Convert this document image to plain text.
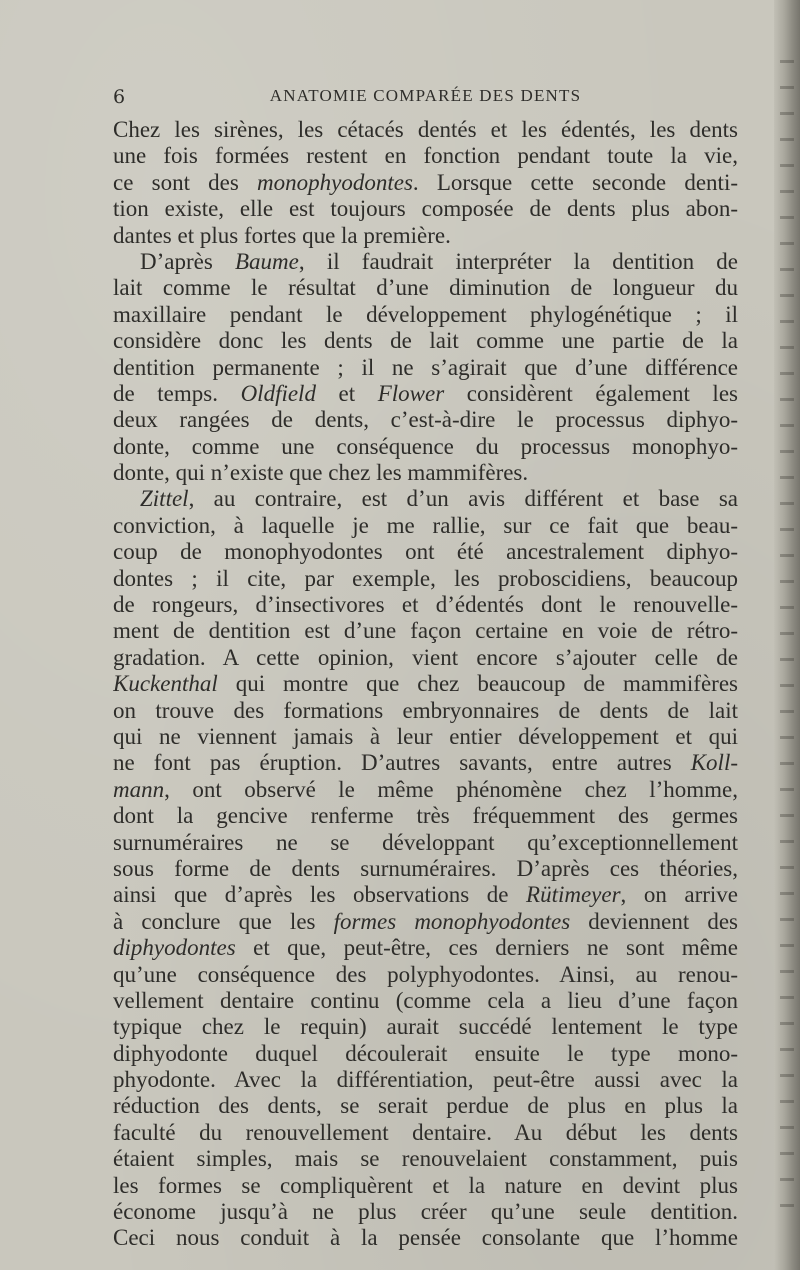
6	ANATOMIE COMPARÉE DES DENTS
Chez les sirènes, les cétacés dentés et les édentés, les dents
une fois formées restent en fonction pendant toute la vie,
ce sont des monophyodontes. Lorsque cette seconde denti-
tion existe, elle est toujours composée de dents plus abon-
dantes et plus fortes que la première.
D’après Baume, il faudrait interpréter la dentition de
lait comme le résultat d’une diminution de longueur du
maxillaire pendant le développement phylogénétique ; il
considère donc les dents de lait comme une partie de la
dentition permanente ; il ne s’agirait que d’une différence
de temps. Oldfield et Flower considèrent également les
deux rangées de dents, c’est-à-dire le processus diphyo-
donte, comme une conséquence du processus monophyo-
donte, qui n’existe que chez les mammifères.
Zittel, au contraire, est d’un avis différent et base sa
conviction, à laquelle je me rallie, sur ce fait que beau-
coup de monophyodontes ont été ancestralement diphyo-
dontes ; il cite, par exemple, les proboscidiens, beaucoup
de rongeurs, d’insectivores et d’édentés dont le renouvelle-
ment de dentition est d’une façon certaine en voie de rétro-
gradation. A cette opinion, vient encore s’ajouter celle de
Kuckenthal qui montre que chez beaucoup de mammifères
on trouve des formations embryonnaires de dents de lait
qui ne viennent jamais à leur entier développement et qui
ne font pas éruption. D’autres savants, entre autres Koll-
mann, ont observé le même phénomène chez l’homme,
dont la gencive renferme très fréquemment des germes
surnuméraires ne se développant qu’exceptionnellement
sous forme de dents surnuméraires. D’après ces théories,
ainsi que d’après les observations de Rütimeyer, on arrive
à conclure que les formes monophyodontes deviennent des
diphyodontes et que, peut-être, ces derniers ne sont même
qu’une conséquence des polyphyodontes. Ainsi, au renou-
vellement dentaire continu (comme cela a lieu d’une façon
typique chez le requin) aurait succédé lentement le type
diphyodonte duquel découlerait ensuite le type mono-
phyodonte. Avec la différentiation, peut-être aussi avec la
réduction des dents, se serait perdue de plus en plus la
faculté du renouvellement dentaire. Au début les dents
étaient simples, mais se renouvelaient constamment, puis
les formes se compliquèrent et la nature en devint plus
économe jusqu’à ne plus créer qu’une seule dentition.
Ceci nous conduit à la pensée consolante que l’homme
